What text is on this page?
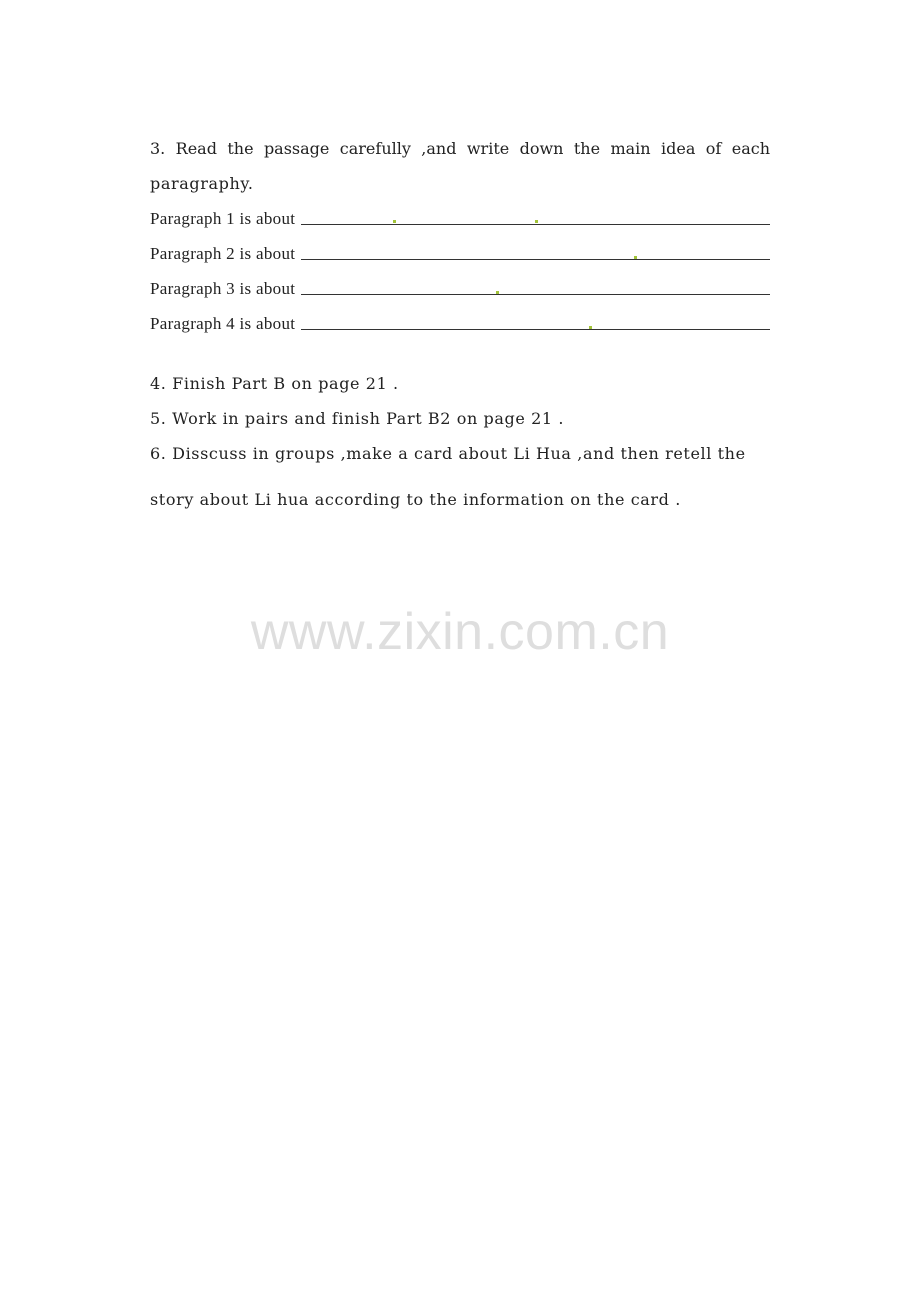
3. Read the passage carefully ,and write down the main idea of each
paragraphy.
Paragraph 1 is about
Paragraph 2 is about
Paragraph 3 is about
Paragraph 4 is about
4. Finish Part B on page 21 .
5. Work in pairs and finish Part B2 on page 21 .
6. Disscuss in groups ,make a card about Li Hua ,and then retell the
story about Li hua according to the information on the card .
www.zixin.com.cn
